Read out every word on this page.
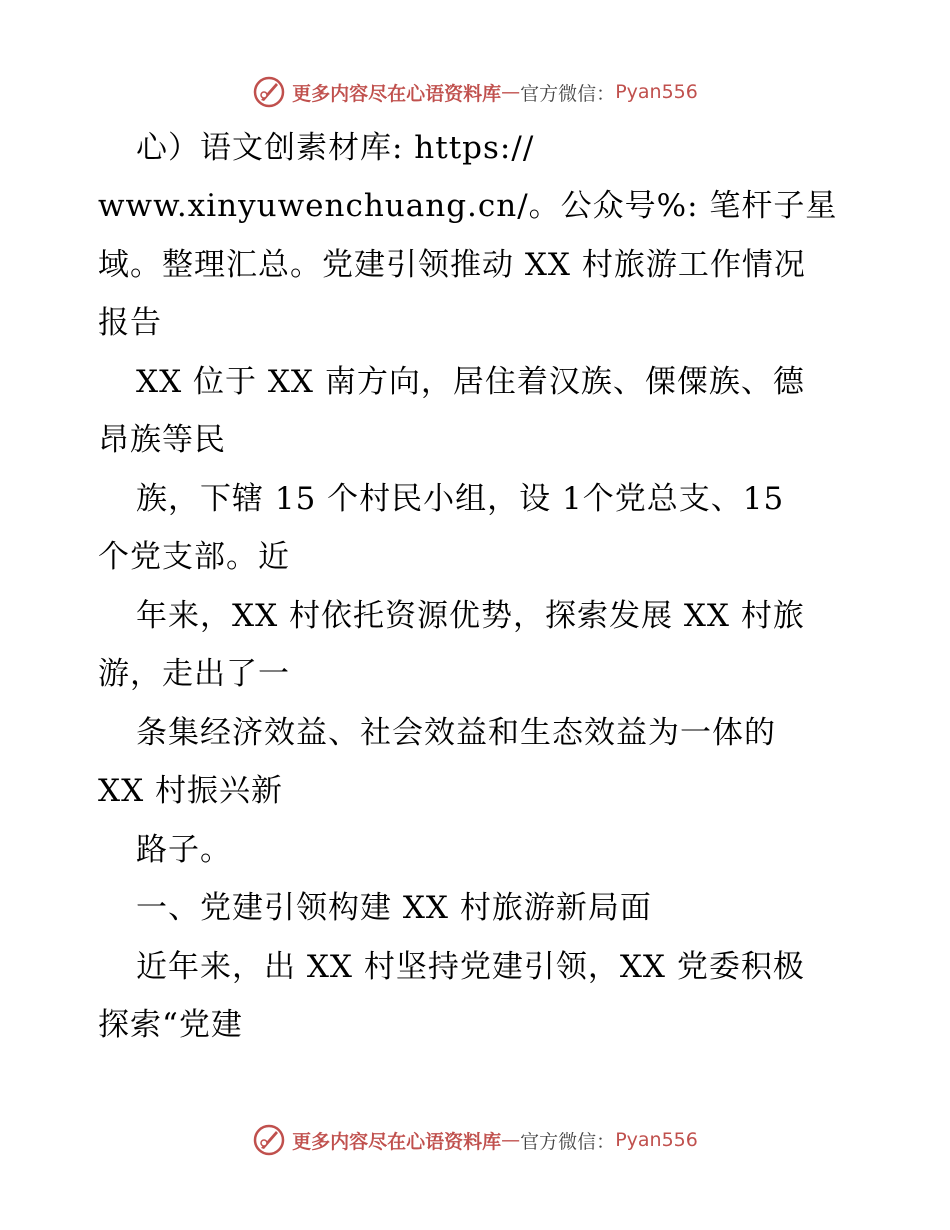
更多内容尽在心语资料库 — 官方微信： Pyan556
心）语文创素材库: https://
www.xinyuwenchuang.cn/。公众号%: 笔杆子星
域。整理汇总。党建引领推动 XX 村旅游工作情况
报告
XX 位于 XX 南方向，居住着汉族、傈僳族、德
昂族等民
族，下辖 15 个村民小组，设 1个党总支、15
个党支部。近
年来，XX 村依托资源优势，探索发展 XX 村旅
游，走出了一
条集经济效益、社会效益和生态效益为一体的
XX 村振兴新
路子。
一、党建引领构建 XX 村旅游新局面
近年来，出 XX 村坚持党建引领，XX 党委积极
探索“党建
更多内容尽在心语资料库 — 官方微信： Pyan556
